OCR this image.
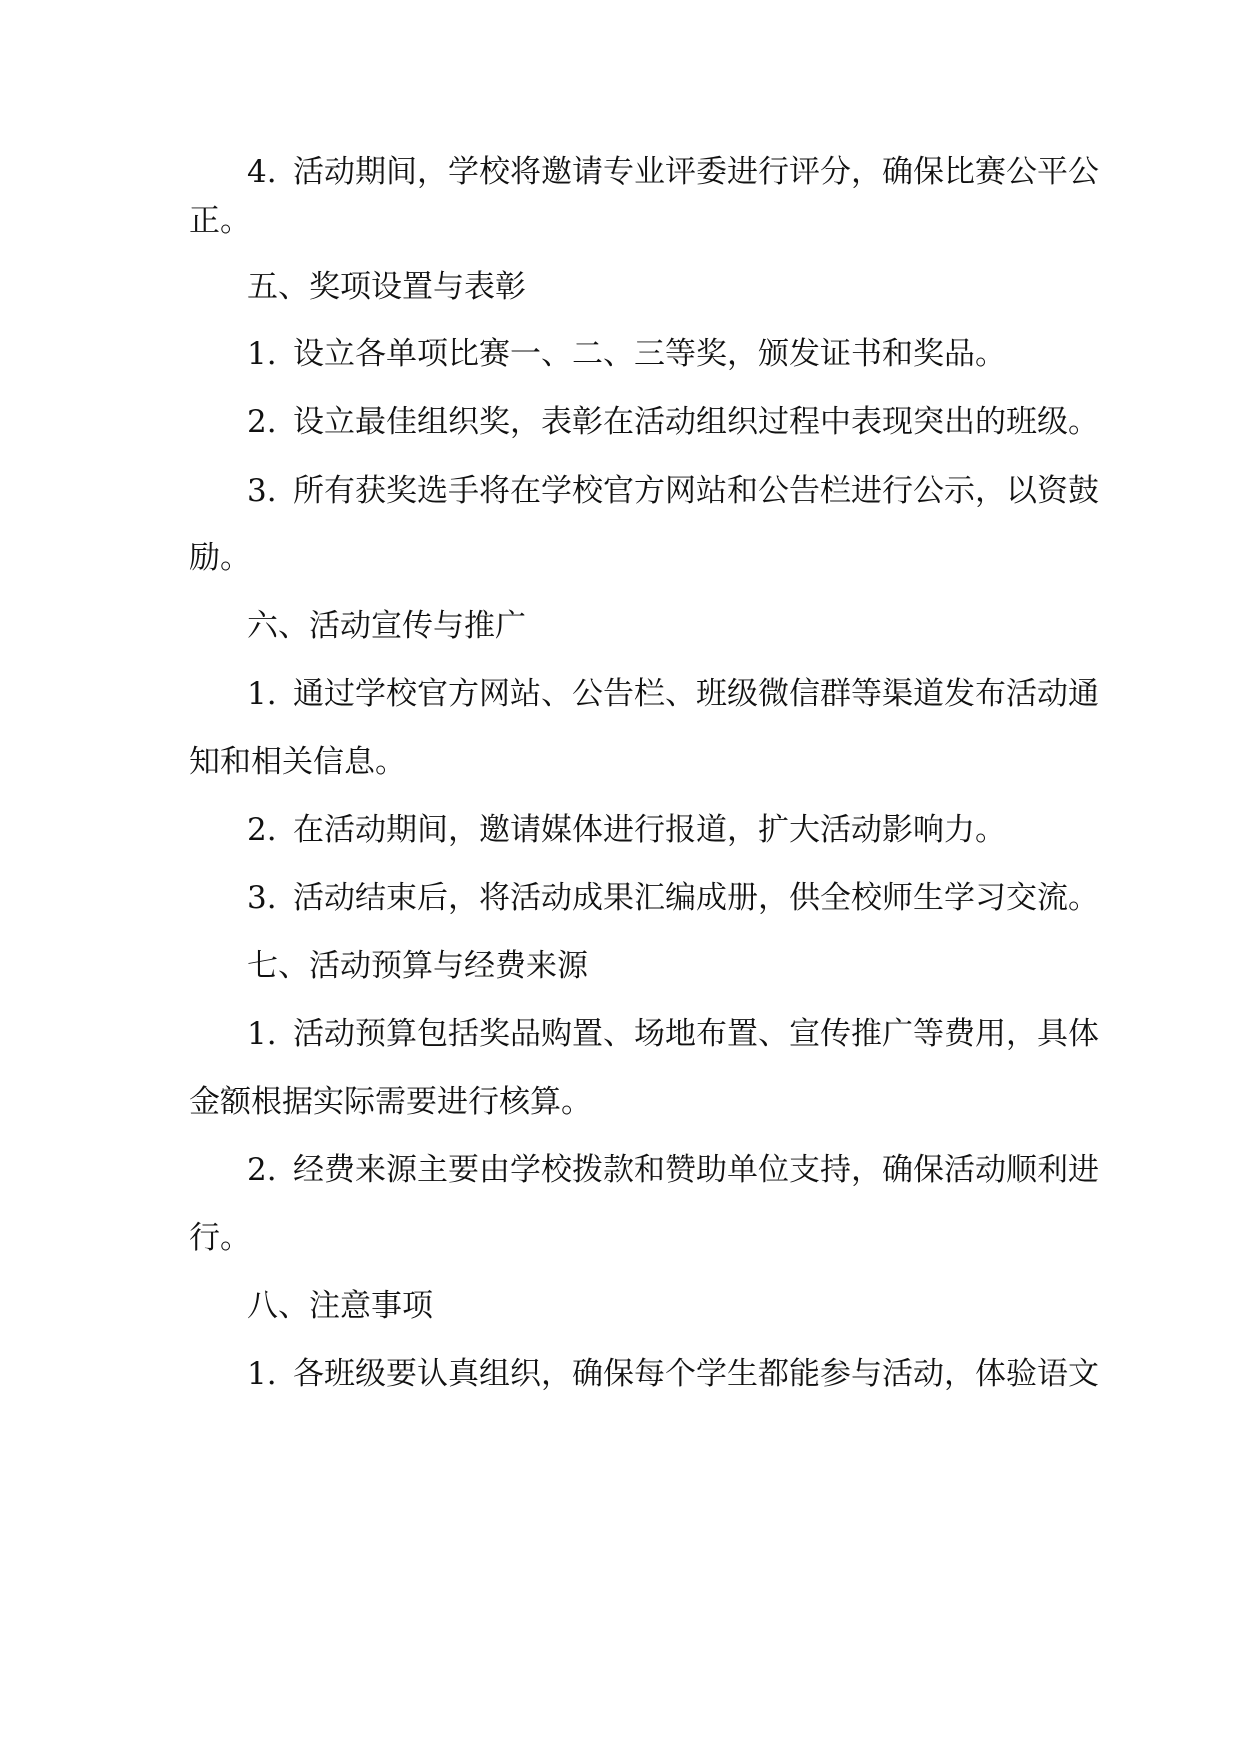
4. 活动期间，学校将邀请专业评委进行评分，确保比赛公平公
正。
五、奖项设置与表彰
1. 设立各单项比赛一、二、三等奖，颁发证书和奖品。
2. 设立最佳组织奖，表彰在活动组织过程中表现突出的班级。
3. 所有获奖选手将在学校官方网站和公告栏进行公示，以资鼓
励。
六、活动宣传与推广
1. 通过学校官方网站、公告栏、班级微信群等渠道发布活动通
知和相关信息。
2. 在活动期间，邀请媒体进行报道，扩大活动影响力。
3. 活动结束后，将活动成果汇编成册，供全校师生学习交流。
七、活动预算与经费来源
1. 活动预算包括奖品购置、场地布置、宣传推广等费用，具体
金额根据实际需要进行核算。
2. 经费来源主要由学校拨款和赞助单位支持，确保活动顺利进
行。
八、注意事项
1. 各班级要认真组织，确保每个学生都能参与活动，体验语文
